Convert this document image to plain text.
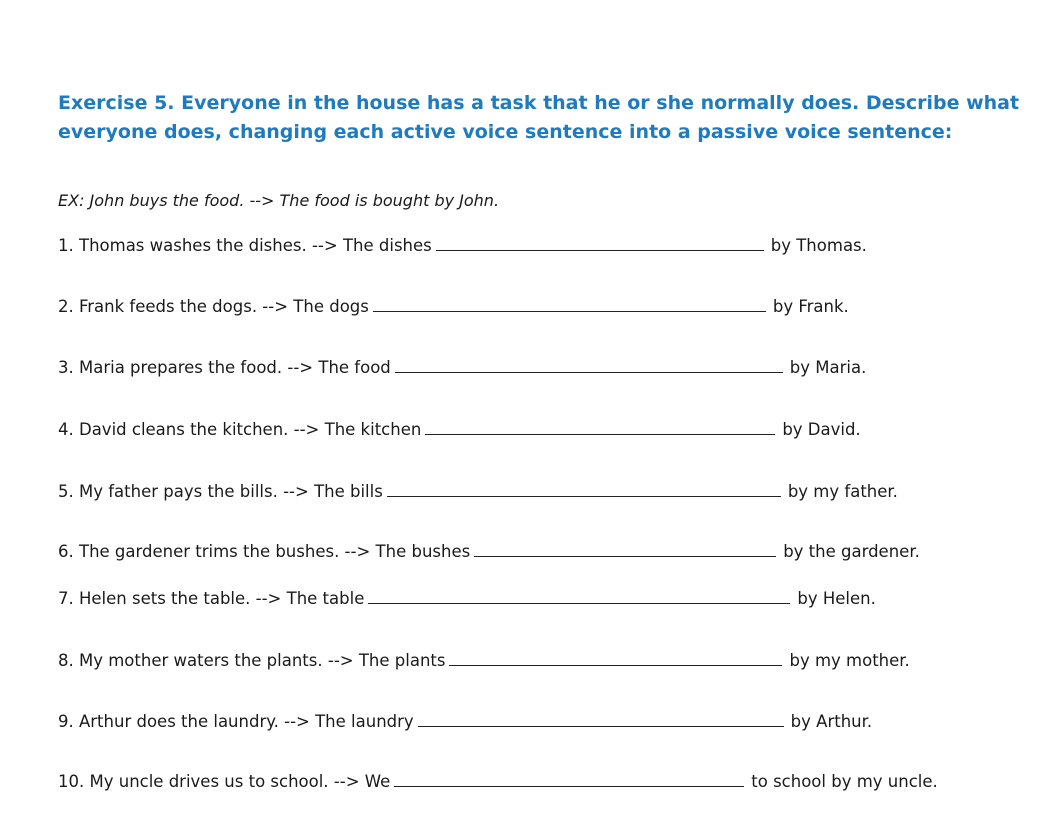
Exercise 5. Everyone in the house has a task that he or she normally does. Describe what everyone does, changing each active voice sentence into a passive voice sentence:
EX: John buys the food. --> The food is bought by John.
1. Thomas washes the dishes. --> The dishes	by Thomas.
2. Frank feeds the dogs. --> The dogs	by Frank.
3. Maria prepares the food. --> The food	by Maria.
4. David cleans the kitchen. --> The kitchen	by David.
5. My father pays the bills. --> The bills	by my father.
6. The gardener trims the bushes. --> The bushes	by the gardener.
7. Helen sets the table. --> The table	by Helen.
8. My mother waters the plants. --> The plants	by my mother.
9. Arthur does the laundry. --> The laundry	by Arthur.
10. My uncle drives us to school. --> We	to school by my uncle.
